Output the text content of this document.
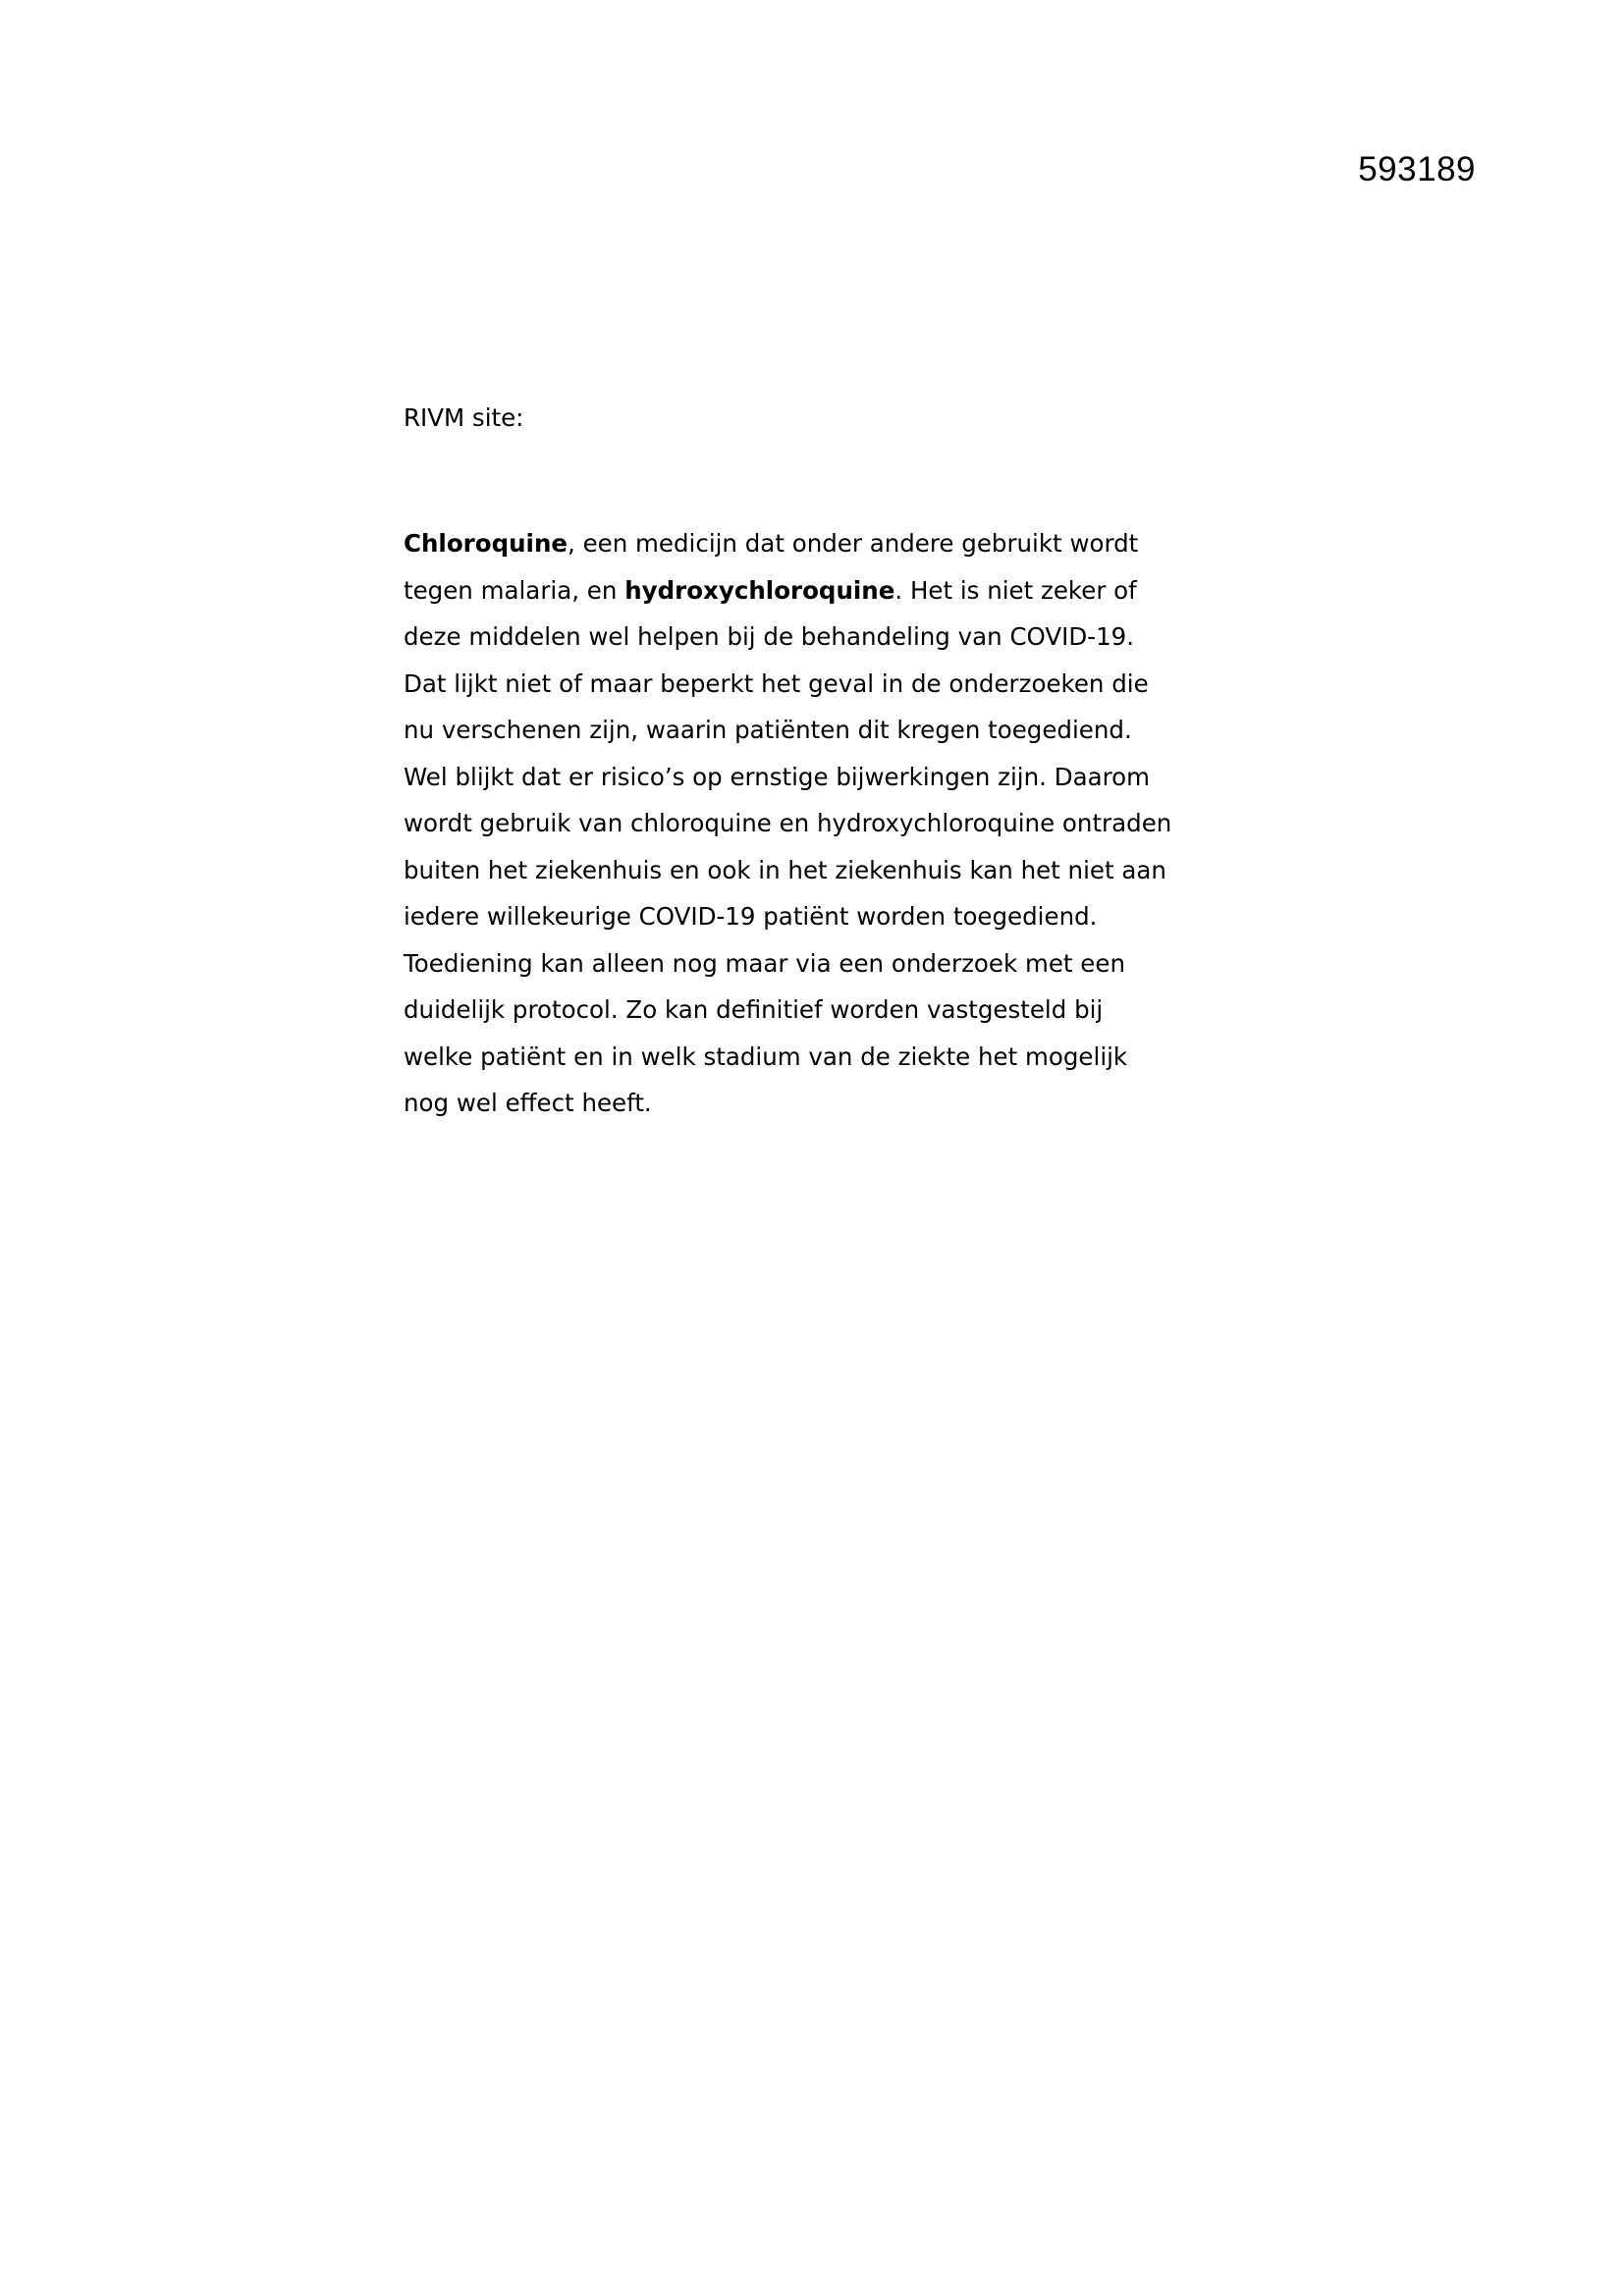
593189
RIVM site:
Chloroquine, een medicijn dat onder andere gebruikt wordt
tegen malaria, en hydroxychloroquine. Het is niet zeker of
deze middelen wel helpen bij de behandeling van COVID-19.
Dat lijkt niet of maar beperkt het geval in de onderzoeken die
nu verschenen zijn, waarin patiënten dit kregen toegediend.
Wel blijkt dat er risico’s op ernstige bijwerkingen zijn. Daarom
wordt gebruik van chloroquine en hydroxychloroquine ontraden
buiten het ziekenhuis en ook in het ziekenhuis kan het niet aan
iedere willekeurige COVID-19 patiënt worden toegediend.
Toediening kan alleen nog maar via een onderzoek met een
duidelijk protocol. Zo kan definitief worden vastgesteld bij
welke patiënt en in welk stadium van de ziekte het mogelijk
nog wel effect heeft.
